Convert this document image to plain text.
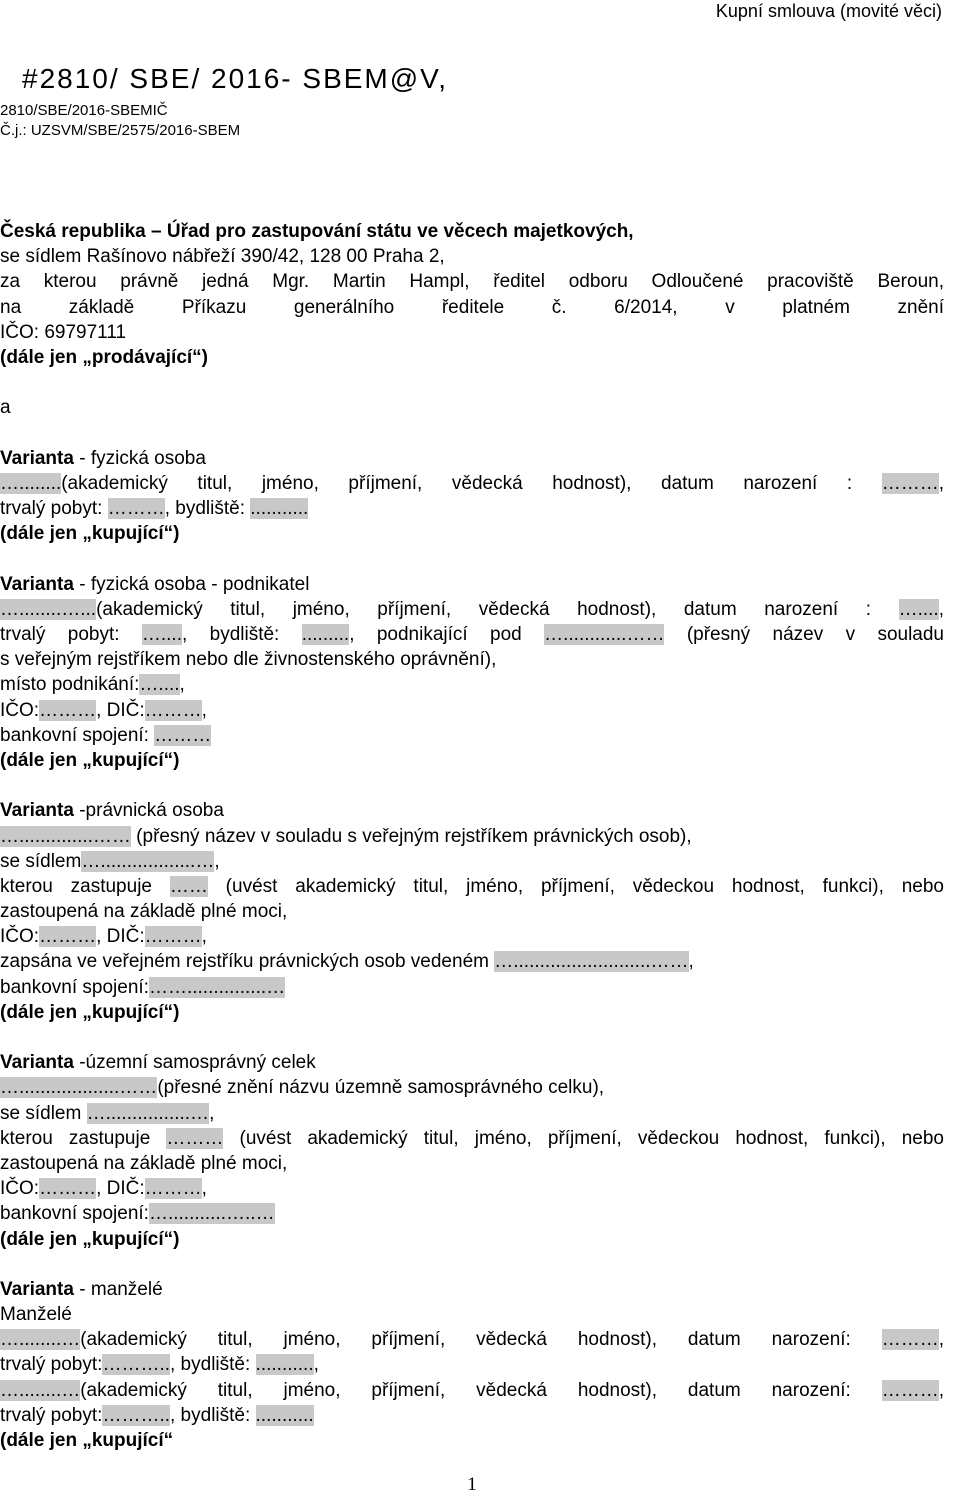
Kupní smlouva (movité věci)
#2810/ SBE/ 2016- SBEM@V,
2810/SBE/2016-SBEMIČ
Č.j.: UZSVM/SBE/2575/2016-SBEM
Česká republika – Úřad pro zastupování státu ve věcech majetkových,
se sídlem Rašínovo nábřeží 390/42, 128 00 Praha 2,
za kterou právně jedná Mgr. Martin Hampl, ředitel odboru Odloučené pracoviště Beroun,
na základě Příkazu generálního ředitele č. 6/2014, v platném znění
IČO: 69797111
(dále jen „prodávající“)
a
Varianta - fyzická osoba
…........(akademický titul, jméno, příjmení, vědecká hodnost), datum narození : ………,
trvalý pobyt: ………, bydliště: ...........
(dále jen „kupující“)
Varianta - fyzická osoba - podnikatel
…........…...(akademický titul, jméno, příjmení, vědecká hodnost), datum narození : …....,
trvalý pobyt: …...., bydliště: ........., podnikající pod …............…… (přesný název v souladu
s veřejným rejstříkem nebo dle živnostenského oprávnění),
místo podnikání:…....,
IČO:………, DIČ:………,
bankovní spojení: ………
(dále jen „kupující“)
Varianta -právnická osoba
…..............…… (přesný název v souladu s veřejným rejstříkem právnických osob),
se sídlem…..................…,
kterou zastupuje …… (uvést akademický titul, jméno, příjmení, vědeckou hodnost, funkci), nebo
zastoupená na základě plné moci,
IČO:………, DIČ:………,
zapsána ve veřejném rejstříku právnických osob vedeném …..........................……,
bankovní spojení:……...............…
(dále jen „kupující“)
Varianta -územní samosprávný celek
…...................……(přesné znění názvu územně samosprávného celku),
se sídlem …................…,
kterou zastupuje ……… (uvést akademický titul, jméno, příjmení, vědeckou hodnost, funkci), nebo
zastoupená na základě plné moci,
IČO:………, DIČ:………,
bankovní spojení:…...........…..…
(dále jen „kupující“)
Varianta - manželé
Manželé
…........…(akademický titul, jméno, příjmení, vědecká hodnost), datum narození: ………,
trvalý pobyt:……….., bydliště: ...........,
…........…(akademický titul, jméno, příjmení, vědecká hodnost), datum narození: ………,
trvalý pobyt:……….., bydliště: ...........
(dále jen „kupující“
1
